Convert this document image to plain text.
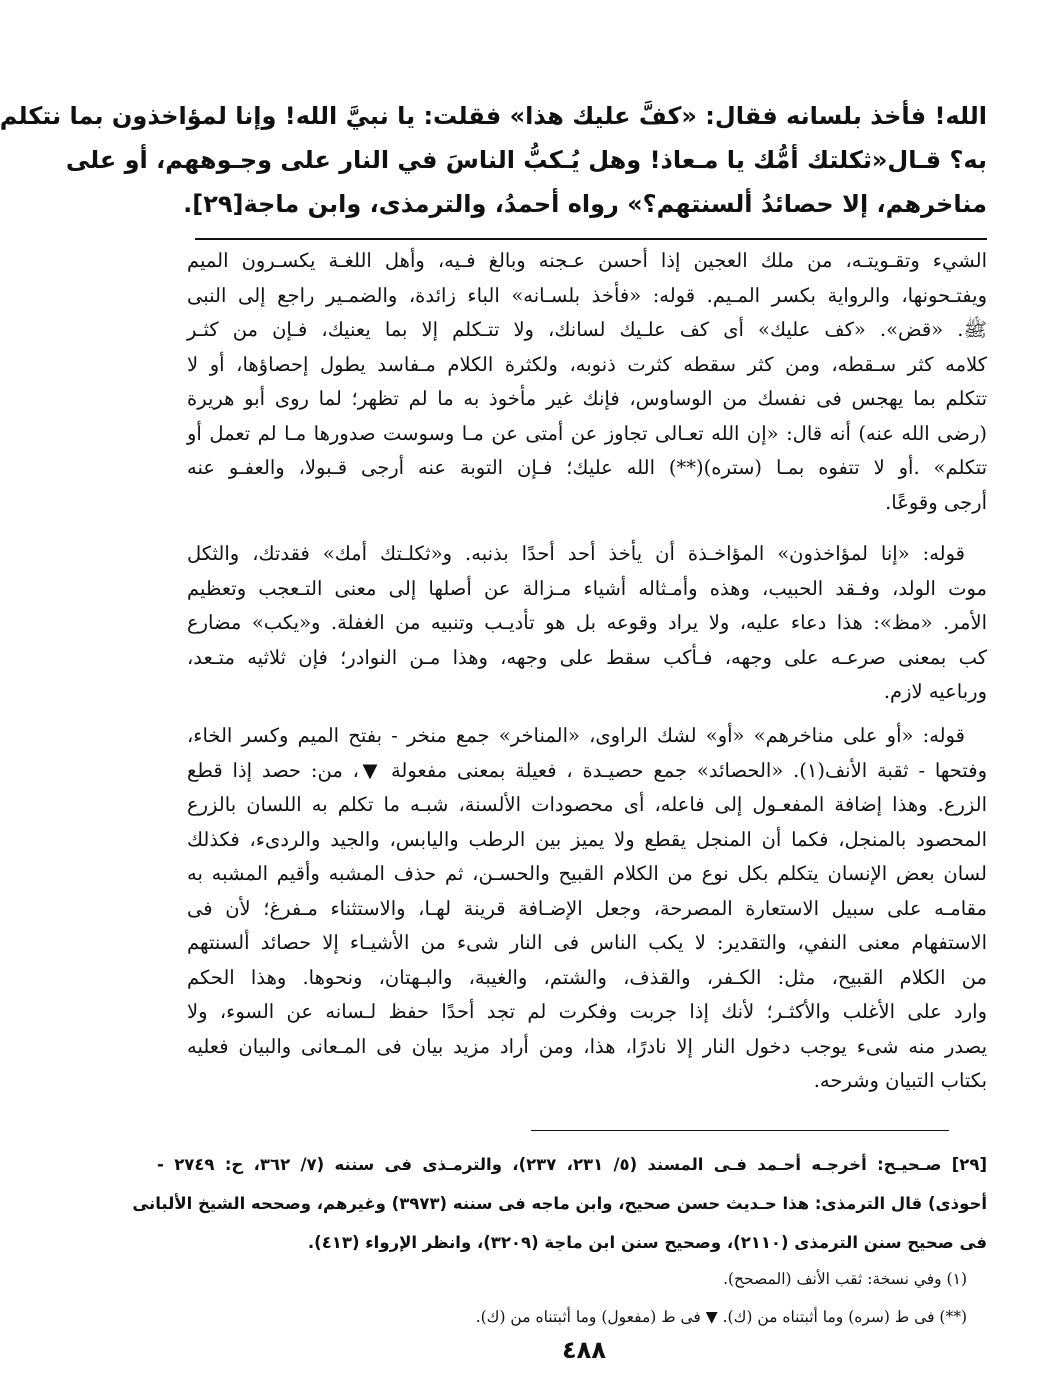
الله! فأخذ بلسانه فقال: «كفَّ عليك هذا» فقلت: يا نبيَّ الله! وإنا لمؤاخذون بما نتكلم
به؟ قـال«ثكلتك أمُّك يا مـعاذ! وهل يُـكبُّ الناسَ في النار على وجـوههم، أو على
مناخرهم، إلا حصائدُ ألسنتهم؟» رواه أحمدُ، والترمذى، وابن ماجة[٢٩].
الشيء وتقـويتـه، من ملك العجين إذا أحسن عـجنه وبالغ فـيه، وأهل اللغـة يكسـرون الميم
ويفتـحونها، والرواية بكسر المـيم. قوله: «فأخذ بلسـانه» الباء زائدة، والضمـير راجع إلى النبى
ﷺ. «قض». «كف عليك» أى كف علـيك لسانك، ولا تتـكلم إلا بما يعنيك، فـإن من كثـر
كلامه كثر سـقطه، ومن كثر سقطه كثرت ذنوبه، ولكثرة الكلام مـفاسد يطول إحصاؤها، أو لا
تتكلم بما يهجس فى نفسك من الوساوس، فإنك غير مأخوذ به ما لم تظهر؛ لما روى أبو هريرة
(رضى الله عنه) أنه قال: «إن الله تعـالى تجاوز عن أمتى عن مـا وسوست صدورها مـا لم تعمل أو
تتكلم» .أو لا تتفوه بمـا (ستره)(**) الله عليك؛ فـإن التوبة عنه أرجى قـبولا، والعفـو عنه
أرجى وقوعًا.
قوله: «إنا لمؤاخذون» المؤاخـذة أن يأخذ أحد أحدًا بذنبه. و«ثكلـتك أمك» فقدتك، والثكل
موت الولد، وفـقد الحبيب، وهذه وأمـثاله أشياء مـزالة عن أصلها إلى معنى التـعجب وتعظيم
الأمر. «مظ»: هذا دعاء عليه، ولا يراد وقوعه بل هو تأديـب وتنبيه من الغفلة. و«يكب» مضارع
كب بمعنى صرعـه على وجهه، فـأكب سقط على وجهه، وهذا مـن النوادر؛ فإن ثلاثيه متـعد،
ورباعيه لازم.
قوله: «أو على مناخرهم» «أو» لشك الراوى، «المناخر» جمع منخر - بفتح الميم وكسر الخاء،
وفتحها - ثقبة الأنف(١). «الحصائد» جمع حصيـدة ، فعيلة بمعنى مفعولة ▼، من: حصد إذا قطع
الزرع. وهذا إضافة المفعـول إلى فاعله، أى محصودات الألسنة، شبـه ما تكلم به اللسان بالزرع
المحصود بالمنجل، فكما أن المنجل يقطع ولا يميز بين الرطب واليابس، والجيد والردىء، فكذلك
لسان بعض الإنسان يتكلم بكل نوع من الكلام القبيح والحسـن، ثم حذف المشبه وأقيم المشبه به
مقامـه على سبيل الاستعارة المصرحة، وجعل الإضـافة قرينة لهـا، والاستثناء مـفرغ؛ لأن فى
الاستفهام معنى النفي، والتقدير: لا يكب الناس فى النار شىء من الأشيـاء إلا حصائد ألسنتهم
من الكلام القبيح، مثل: الكـفر، والقذف، والشتم، والغيبة، والبـهتان، ونحوها. وهذا الحكم
وارد على الأغلب والأكثـر؛ لأنك إذا جربت وفكرت لم تجد أحدًا حفظ لـسانه عن السوء، ولا
يصدر منه شىء يوجب دخول النار إلا نادرًا، هذا، ومن أراد مزيد بيان فى المـعانى والبيان فعليه
بكتاب التبيان وشرحه.
[٢٩] صـحيـح: أخرجـه أحـمد فـى المسند (٥/ ٢٣١، ٢٣٧)، والترمـذى فى سننه (٧/ ٣٦٢، ح: ٢٧٤٩ -
أحوذى) قال الترمذى: هذا حـديث حسن صحيح، وابن ماجه فى سننه (٣٩٧٣) وغيرهم، وصححه الشيخ الألبانى
فى صحيح سنن الترمذى (٢١١٠)، وصحيح سنن ابن ماجة (٣٢٠٩)، وانظر الإرواء (٤١٣).
(١) وفي نسخة: ثقب الأنف (المصحح).
(**) فى ط (سره) وما أثبتناه من (ك). ▼ فى ط (مفعول) وما أثبتناه من (ك).
٤٨٨
